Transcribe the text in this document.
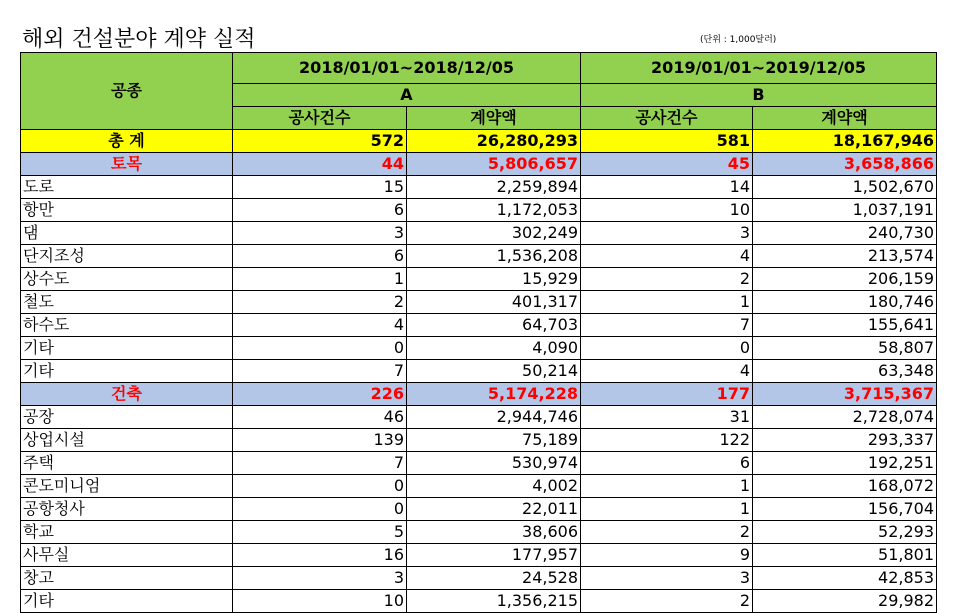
해외 건설분야 계약 실적	(단위 : 1,000달러)
공종	2018/01/01~2018/12/05		2019/01/01~2019/12/05	
	A		B	
	공사건수	계약액	공사건수	계약액
총 계	572	26,280,293	581	18,167,946
토목	44	5,806,657	45	3,658,866
도로	15	2,259,894	14	1,502,670
항만	6	1,172,053	10	1,037,191
댐	3	302,249	3	240,730
단지조성	6	1,536,208	4	213,574
상수도	1	15,929	2	206,159
철도	2	401,317	1	180,746
하수도	4	64,703	7	155,641
기타	0	4,090	0	58,807
기타	7	50,214	4	63,348
건축	226	5,174,228	177	3,715,367
공장	46	2,944,746	31	2,728,074
상업시설	139	75,189	122	293,337
주택	7	530,974	6	192,251
콘도미니엄	0	4,002	1	168,072
공항청사	0	22,011	1	156,704
학교	5	38,606	2	52,293
사무실	16	177,957	9	51,801
창고	3	24,528	3	42,853
기타	10	1,356,215	2	29,982
